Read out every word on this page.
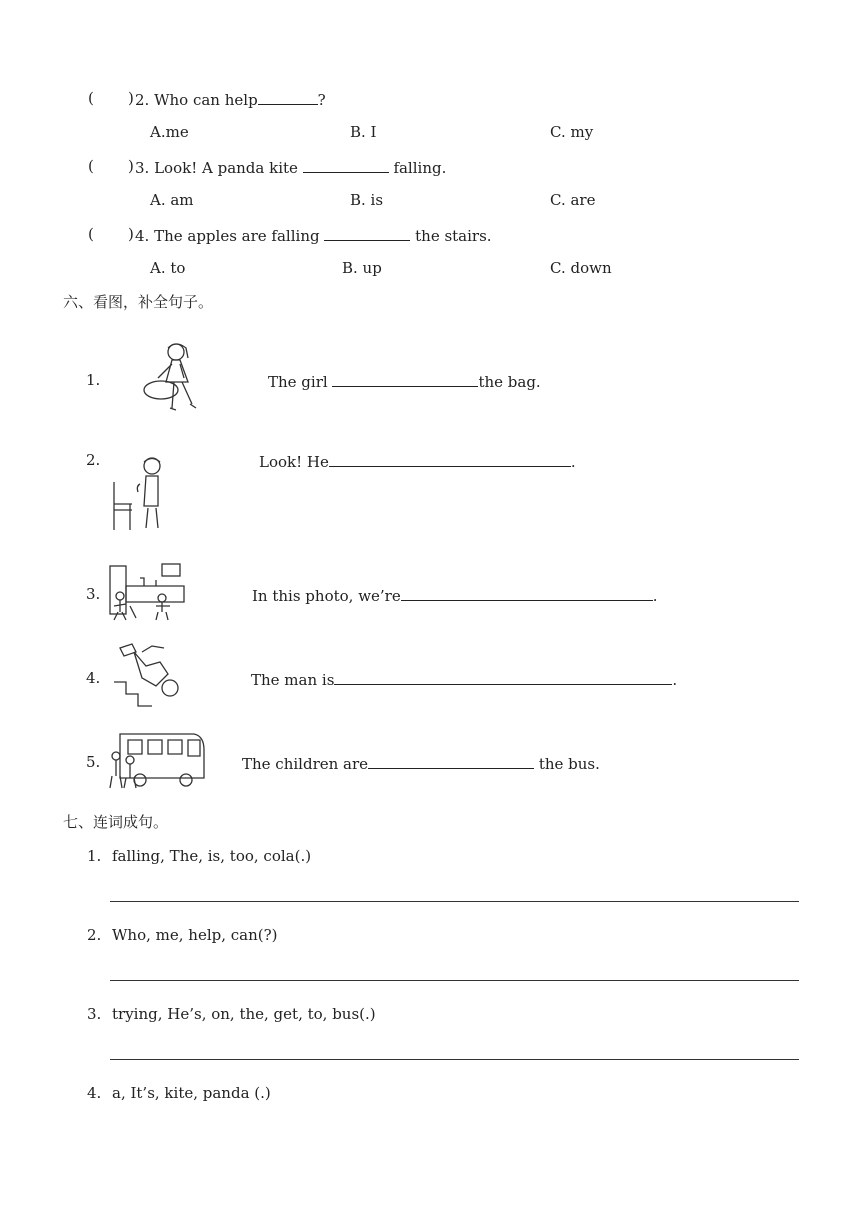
( ) 2. Who can help	?
A.me	B. I	C. my
( ) 3. Look! A panda kite	falling.
A. am	B. is	C. are
( ) 4. The apples are falling	the stairs.
A. to	B. up	C. down
六、看图，补全句子。
1.	The girl	the bag.
2.	Look! He	.
3.	In this photo, we’re	.
4.	The man is	.
5.	The children are	the bus.
七、连词成句。
1. falling, The, is, too, cola(.)
2. Who, me, help, can(?)
3. trying, He’s, on, the, get, to, bus(.)
4. a, It’s, kite, panda (.)
